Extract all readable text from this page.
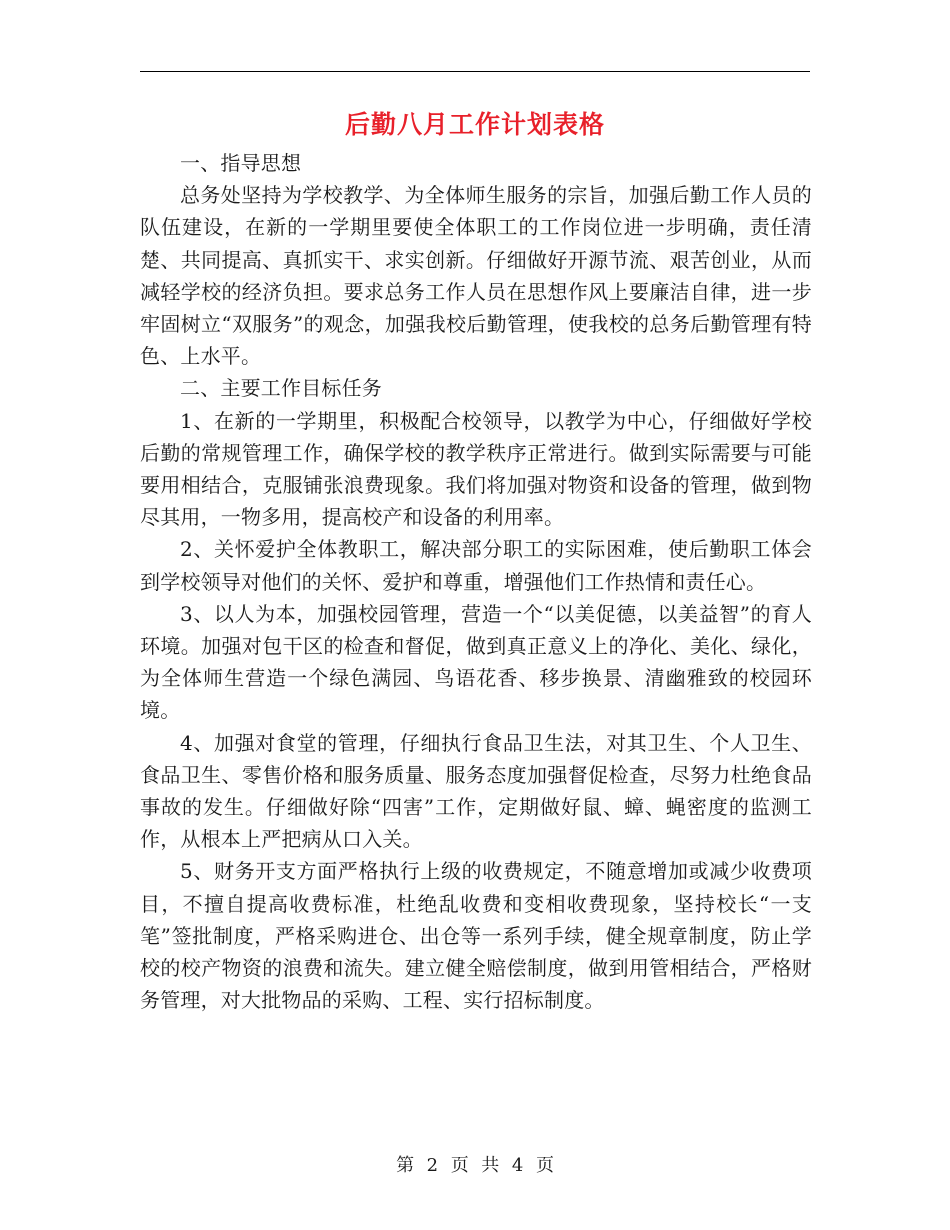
后勤八月工作计划表格

一、指导思想

总务处坚持为学校教学、为全体师生服务的宗旨，加强后勤工作人员的队伍建设，在新的一学期里要使全体职工的工作岗位进一步明确，责任清楚、共同提高、真抓实干、求实创新。仔细做好开源节流、艰苦创业，从而减轻学校的经济负担。要求总务工作人员在思想作风上要廉洁自律，进一步牢固树立“双服务”的观念，加强我校后勤管理，使我校的总务后勤管理有特色、上水平。

二、主要工作目标任务

1、在新的一学期里，积极配合校领导，以教学为中心，仔细做好学校后勤的常规管理工作，确保学校的教学秩序正常进行。做到实际需要与可能要用相结合，克服铺张浪费现象。我们将加强对物资和设备的管理，做到物尽其用，一物多用，提高校产和设备的利用率。

2、关怀爱护全体教职工，解决部分职工的实际困难，使后勤职工体会到学校领导对他们的关怀、爱护和尊重，增强他们工作热情和责任心。

3、以人为本，加强校园管理，营造一个“以美促德，以美益智”的育人环境。加强对包干区的检查和督促，做到真正意义上的净化、美化、绿化，为全体师生营造一个绿色满园、鸟语花香、移步换景、清幽雅致的校园环境。

4、加强对食堂的管理，仔细执行食品卫生法，对其卫生、个人卫生、食品卫生、零售价格和服务质量、服务态度加强督促检查，尽努力杜绝食品事故的发生。仔细做好除“四害”工作，定期做好鼠、蟑、蝇密度的监测工作，从根本上严把病从口入关。

5、财务开支方面严格执行上级的收费规定，不随意增加或减少收费项目，不擅自提高收费标准，杜绝乱收费和变相收费现象，坚持校长“一支笔”签批制度，严格采购进仓、出仓等一系列手续，健全规章制度，防止学校的校产物资的浪费和流失。建立健全赔偿制度，做到用管相结合，严格财务管理，对大批物品的采购、工程、实行招标制度。

第 2 页 共 4 页
